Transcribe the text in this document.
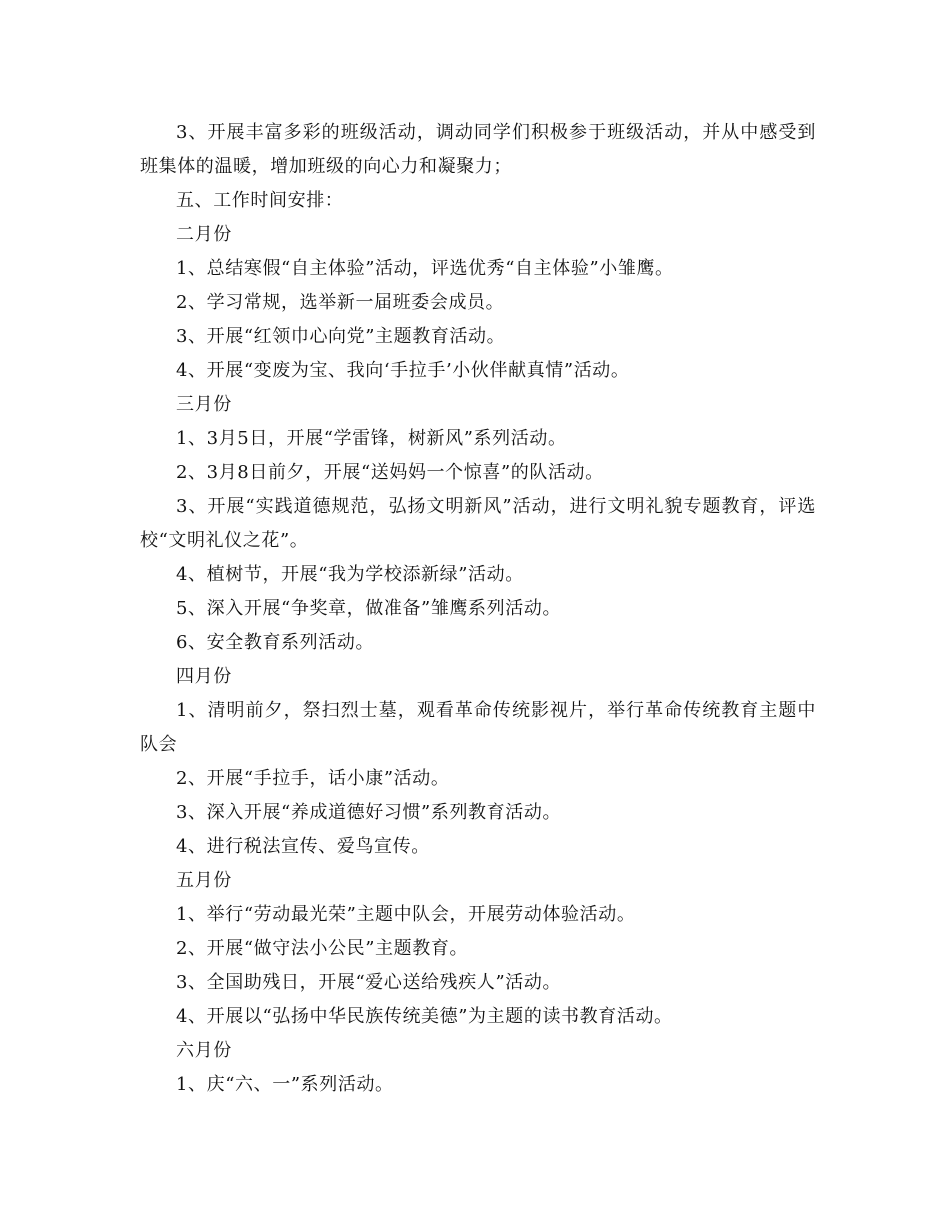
3、开展丰富多彩的班级活动，调动同学们积极参于班级活动，并从中感受到班集体的温暖，增加班级的向心力和凝聚力；

五、工作时间安排：

二月份

1、总结寒假“自主体验”活动，评选优秀“自主体验”小雏鹰。

2、学习常规，选举新一届班委会成员。

3、开展“红领巾心向党”主题教育活动。

4、开展“变废为宝、我向‘手拉手’小伙伴献真情”活动。

三月份

1、3月5日，开展“学雷锋，树新风”系列活动。

2、3月8日前夕，开展“送妈妈一个惊喜”的队活动。

3、开展“实践道德规范，弘扬文明新风”活动，进行文明礼貌专题教育，评选校“文明礼仪之花”。

4、植树节，开展“我为学校添新绿”活动。

5、深入开展“争奖章，做准备”雏鹰系列活动。

6、安全教育系列活动。

四月份

1、清明前夕，祭扫烈士墓，观看革命传统影视片，举行革命传统教育主题中队会

2、开展“手拉手，话小康”活动。

3、深入开展“养成道德好习惯”系列教育活动。

4、进行税法宣传、爱鸟宣传。

五月份

1、举行“劳动最光荣”主题中队会，开展劳动体验活动。

2、开展“做守法小公民”主题教育。

3、全国助残日，开展“爱心送给残疾人”活动。

4、开展以“弘扬中华民族传统美德”为主题的读书教育活动。

六月份

1、庆“六、一”系列活动。
